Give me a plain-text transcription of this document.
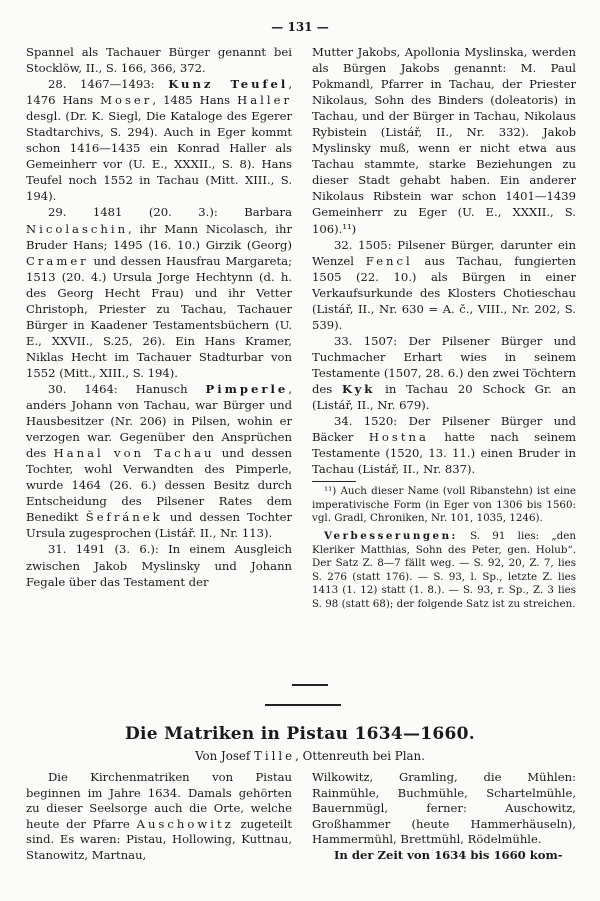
— 131 —

Spannel als Tachauer Bürger genannt bei Stocklöw, II., S. 166, 366, 372.

28. 1467—1493: Kunz Teufel, 1476 Hans Moser, 1485 Hans Haller desgl. (Dr. K. Siegl, Die Kataloge des Egerer Stadtarchivs, S. 294). Auch in Eger kommt schon 1416—1435 ein Konrad Haller als Gemeinherr vor (U. E., XXXII., S. 8). Hans Teufel noch 1552 in Tachau (Mitt. XIII., S. 194).

29. 1481 (20. 3.): Barbara Nicolaschin, ihr Mann Nicolasch, ihr Bruder Hans; 1495 (16. 10.) Girzik (Georg) Cramer und dessen Hausfrau Margareta; 1513 (20. 4.) Ursula Jorge Hechtynn (d. h. des Georg Hecht Frau) und ihr Vetter Christoph, Priester zu Tachau, Tachauer Bürger in Kaadener Testamentsbüchern (U. E., XXVII., S.25, 26). Ein Hans Kramer, Niklas Hecht im Tachauer Stadturbar von 1552 (Mitt., XIII., S. 194).

30. 1464: Hanusch Pimperle, anders Johann von Tachau, war Bürger und Hausbesitzer (Nr. 206) in Pilsen, wohin er verzogen war. Gegenüber den Ansprüchen des Hanal von Tachau und dessen Tochter, wohl Verwandten des Pimperle, wurde 1464 (26. 6.) dessen Besitz durch Entscheidung des Pilsener Rates dem Benedikt Šefránek und dessen Tochter Ursula zugesprochen (Listář. II., Nr. 113).

31. 1491 (3. 6.): In einem Ausgleich zwischen Jakob Myslinsky und Johann Fegale über das Testament der

Mutter Jakobs, Apollonia Myslinska, werden als Bürgen Jakobs genannt: M. Paul Pokmandl, Pfarrer in Tachau, der Priester Nikolaus, Sohn des Binders (doleatoris) in Tachau, und der Bürger in Tachau, Nikolaus Rybistein (Listář, II., Nr. 332). Jakob Myslinsky muß, wenn er nicht etwa aus Tachau stammte, starke Beziehungen zu dieser Stadt gehabt haben. Ein anderer Nikolaus Ribstein war schon 1401—1439 Gemeinherr zu Eger (U. E., XXXII., S. 106).¹¹)

32. 1505: Pilsener Bürger, darunter ein Wenzel Fencl aus Tachau, fungierten 1505 (22. 10.) als Bürgen in einer Verkaufsurkunde des Klosters Chotieschau (Listář, II., Nr. 630 = A. č., VIII., Nr. 202, S. 539).

33. 1507: Der Pilsener Bürger und Tuchmacher Erhart wies in seinem Testamente (1507, 28. 6.) den zwei Töchtern des Kyk in Tachau 20 Schock Gr. an (Listář, II., Nr. 679).

34. 1520: Der Pilsener Bürger und Bäcker Hostna hatte nach seinem Testamente (1520, 13. 11.) einen Bruder in Tachau (Listář, II., Nr. 837).

¹¹) Auch dieser Name (voll Ribanstehn) ist eine imperativische Form (in Eger von 1306 bis 1560: vgl. Gradl, Chroniken, Nr. 101, 1035, 1246).

Verbesserungen: S. 91 lies: „den Kleriker Matthias, Sohn des Peter, gen. Holub“. Der Satz Z. 8—7 fällt weg. — S. 92, 20, Z. 7, lies S. 276 (statt 176). — S. 93, l. Sp., letzte Z. lies 1413 (1. 12) statt (1. 8.). — S. 93, r. Sp., Z. 3 lies S. 98 (statt 68); der folgende Satz ist zu streichen.

Die Matriken in Pistau 1634—1660.
Von Josef Tille, Ottenreuth bei Plan.

Die Kirchenmatriken von Pistau beginnen im Jahre 1634. Damals gehörten zu dieser Seelsorge auch die Orte, welche heute der Pfarre Auschowitz zugeteilt sind. Es waren: Pistau, Hollowing, Kuttnau, Stanowitz, Martnau,

Wilkowitz, Gramling, die Mühlen: Rainmühle, Buchmühle, Schartelmühle, Bauernmügl, ferner: Auschowitz, Großhammer (heute Hammerhäuseln), Hammermühl, Brettmühl, Rödelmühle.

In der Zeit von 1634 bis 1660 kom-
